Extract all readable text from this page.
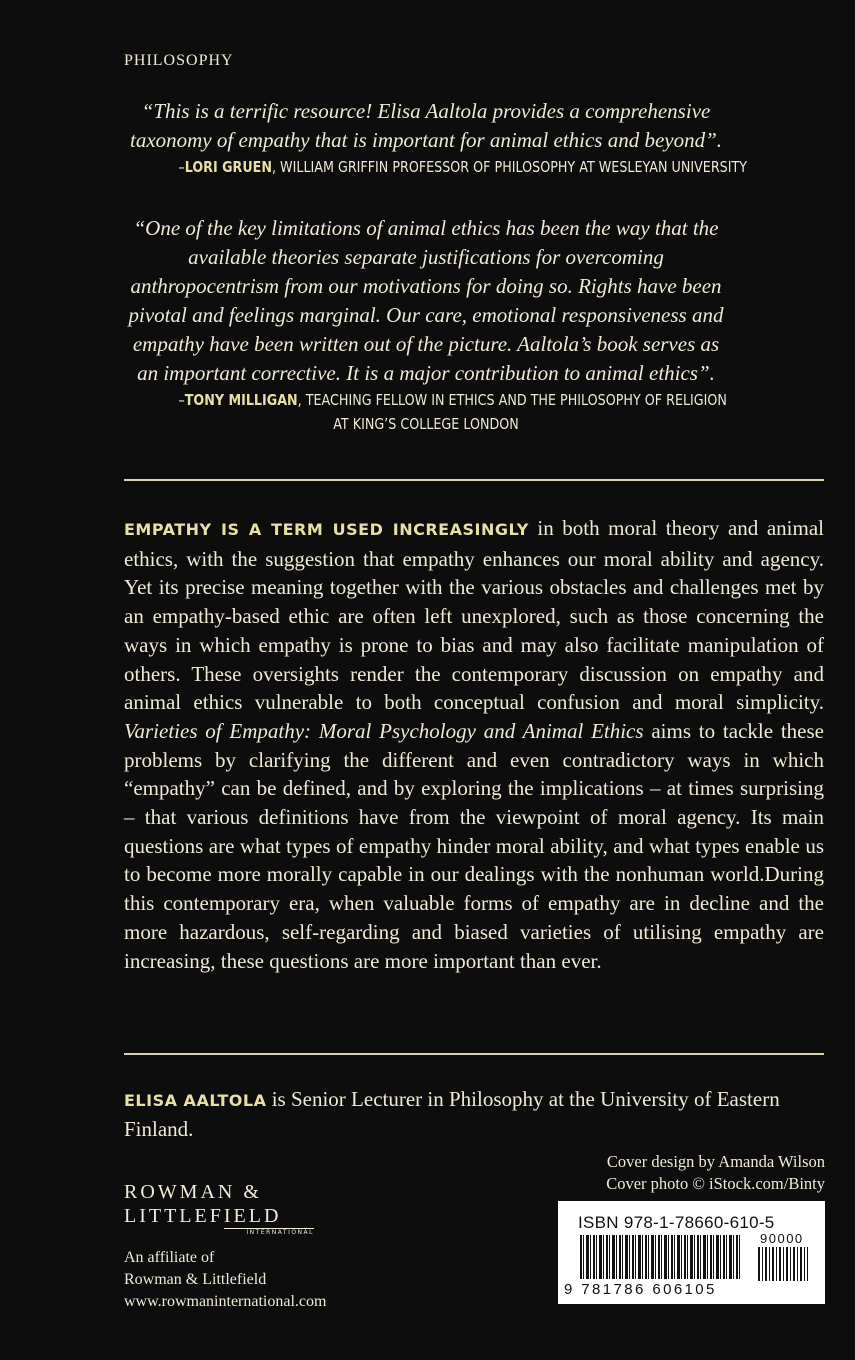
PHILOSOPHY

“This is a terrific resource! Elisa Aaltola provides a comprehensive taxonomy of empathy that is important for animal ethics and beyond”.

–LORI GRUEN, WILLIAM GRIFFIN PROFESSOR OF PHILOSOPHY AT WESLEYAN UNIVERSITY

“One of the key limitations of animal ethics has been the way that the available theories separate justifications for overcoming anthropocentrism from our motivations for doing so. Rights have been pivotal and feelings marginal. Our care, emotional responsiveness and empathy have been written out of the picture. Aaltola’s book serves as an important corrective. It is a major contribution to animal ethics”.

–TONY MILLIGAN, TEACHING FELLOW IN ETHICS AND THE PHILOSOPHY OF RELIGION
AT KING’S COLLEGE LONDON

EMPATHY IS A TERM USED INCREASINGLY in both moral theory and animal ethics, with the suggestion that empathy enhances our moral ability and agency. Yet its precise meaning together with the various obstacles and challenges met by an empathy-based ethic are often left unexplored, such as those concerning the ways in which empathy is prone to bias and may also facilitate manipulation of others. These oversights render the contemporary discussion on empathy and animal ethics vulnerable to both conceptual confusion and moral simplicity. Varieties of Empathy: Moral Psychology and Animal Ethics aims to tackle these problems by clarifying the different and even contradictory ways in which “empathy” can be defined, and by exploring the implications – at times surprising – that various definitions have from the viewpoint of moral agency. Its main questions are what types of empathy hinder moral ability, and what types enable us to become more morally capable in our dealings with the nonhuman world.During this contemporary era, when valuable forms of empathy are in decline and the more hazardous, self-regarding and biased varieties of utilising empathy are increasing, these questions are more important than ever.

ELISA AALTOLA is Senior Lecturer in Philosophy at the University of Eastern Finland.

Cover design by Amanda Wilson
Cover photo © iStock.com/Binty
ROWMAN &
LITTLEFIELD
INTERNATIONAL
An affiliate of
Rowman & Littlefield
www.rowmaninternational.com
ISBN 978-1-78660-610-5
90000
9 781786 606105
